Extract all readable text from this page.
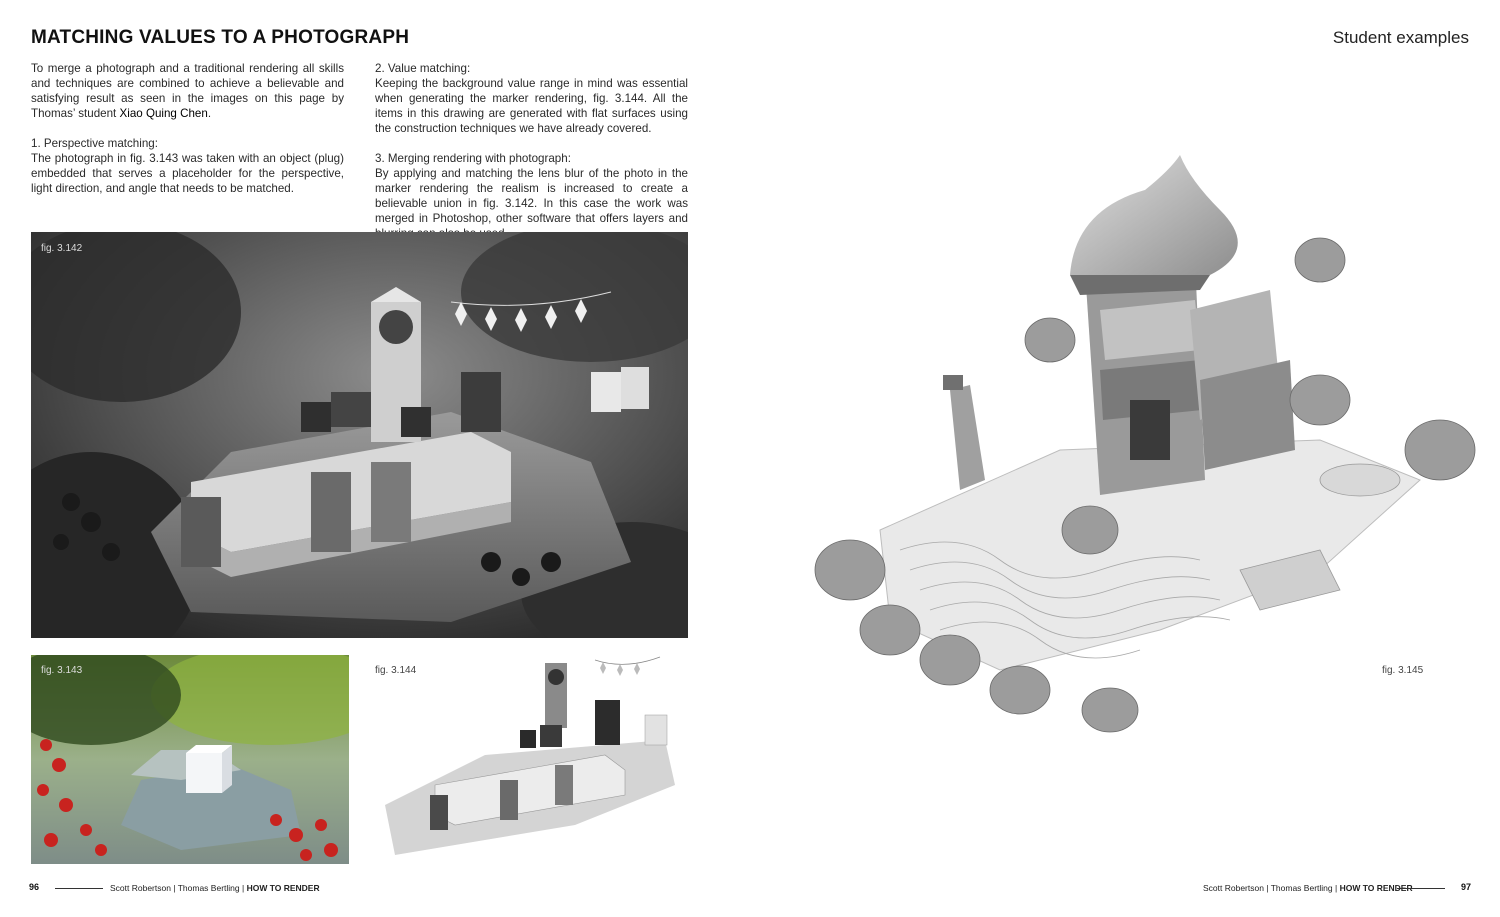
MATCHING VALUES TO A PHOTOGRAPH

To merge a photograph and a traditional rendering all skills and techniques are combined to achieve a believable and satisfying result as seen in the images on this page by Thomas’ student Xiao Quing Chen.

1. Perspective matching:

The photograph in fig. 3.143 was taken with an object (plug) embedded that serves a placeholder for the perspective, light direction, and angle that needs to be matched.

2. Value matching:

Keeping the background value range in mind was essential when generating the marker rendering, fig. 3.144. All the items in this drawing are generated with flat surfaces using the construction techniques we have already covered.

3. Merging rendering with photograph:

By applying and matching the lens blur of the photo in the marker rendering the realism is increased to create a believable union in fig. 3.142. In this case the work was merged in Photoshop, other software that offers layers and

fig. 3.142
fig. 3.143	fig. 3.144
96	Scott Robertson | Thomas Bertling | HOW TO RENDER
Student examples
fig. 3.145
Scott Robertson | Thomas Bertling | HOW TO RENDER	97
